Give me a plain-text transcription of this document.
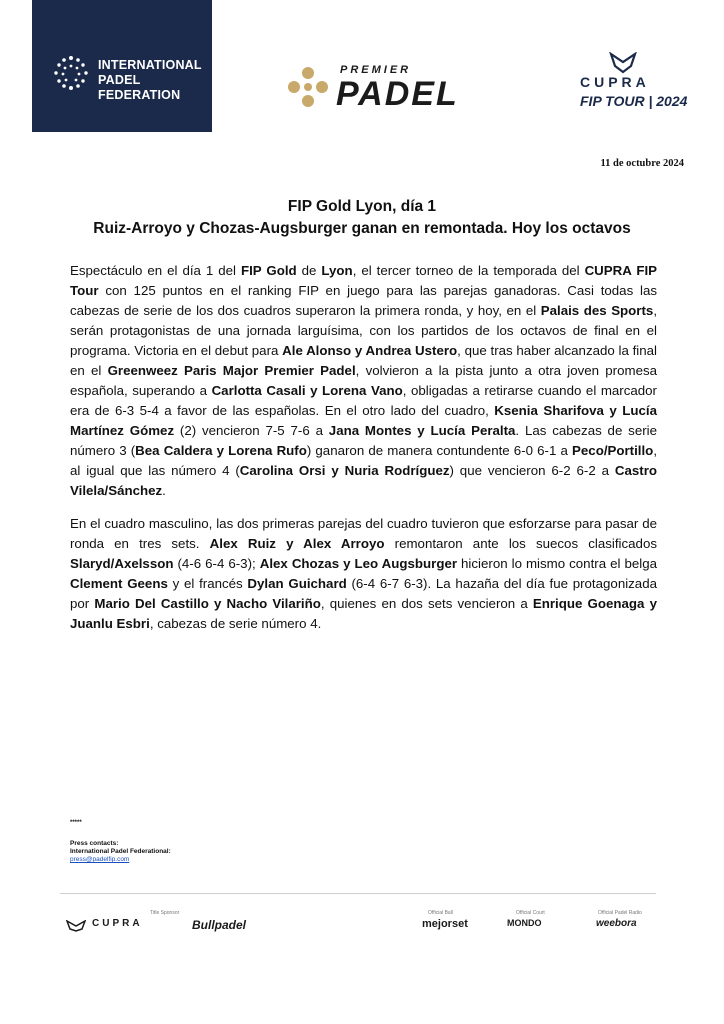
INTERNATIONAL
PADEL
FEDERATION
PREMIER
PADEL	CUPRA
FIP TOUR | 2024
11 de octubre 2024
FIP Gold Lyon, día 1
Ruiz-Arroyo y Chozas-Augsburger ganan en remontada. Hoy los octavos

Espectáculo en el día 1 del FIP Gold de Lyon, el tercer torneo de la temporada del CUPRA FIP Tour con 125 puntos en el ranking FIP en juego para las parejas ganadoras. Casi todas las cabezas de serie de los dos cuadros superaron la primera ronda, y hoy, en el Palais des Sports, serán protagonistas de una jornada larguísima, con los partidos de los octavos de final en el programa. Victoria en el debut para Ale Alonso y Andrea Ustero, que tras haber alcanzado la final en el Greenweez Paris Major Premier Padel, volvieron a la pista junto a otra joven promesa española, superando a Carlotta Casali y Lorena Vano, obligadas a retirarse cuando el marcador era de 6-3 5-4 a favor de las españolas. En el otro lado del cuadro, Ksenia Sharifova y Lucía Martínez Gómez (2) vencieron 7-5 7-6 a Jana Montes y Lucía Peralta. Las cabezas de serie número 3 (Bea Caldera y Lorena Rufo) ganaron de manera contundente 6-0 6-1 a Peco/Portillo, al igual que las número 4 (Carolina Orsi y Nuria Rodríguez) que vencieron 6-2 6-2 a Castro Vilela/Sánchez.

En el cuadro masculino, las dos primeras parejas del cuadro tuvieron que esforzarse para pasar de ronda en tres sets. Alex Ruiz y Alex Arroyo remontaron ante los suecos clasificados Slaryd/Axelsson (4-6 6-4 6-3); Alex Chozas y Leo Augsburger hicieron lo mismo contra el belga Clement Geens y el francés Dylan Guichard (6-4 6-7 6-3). La hazaña del día fue protagonizada por Mario Del Castillo y Nacho Vilariño, quienes en dos sets vencieron a Enrique Goenaga y Juanlu Esbri, cabezas de serie número 4.

*****
Press contacts:
International Padel Federational:
press@padelfip.com
Title Sponsor	Official Ball	Official Court	Official Padel Radio
CUPRA	Bullpadel	mejorset	MONDO	weebora
